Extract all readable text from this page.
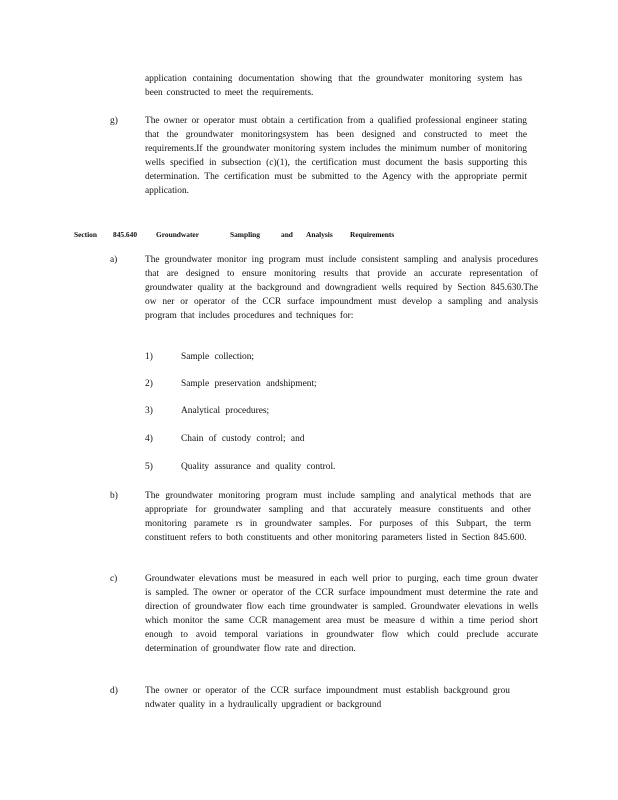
application containing documentation showing that the groundwater monitoring system has been constructed to meet the requirements.

g)	The owner or operator must obtain a certification from a qualified professional engineer stating that the groundwater monitoringsystem has been designed and constructed to meet the requirements.If the groundwater monitoring system includes the minimum number of monitoring wells specified in subsection (c)(1), the certification must document the basis supporting this determination. The certification must be submitted to the Agency with the appropriate permit application.

Section 845.640	Groundwater	Sampling	and Analysis Requirements
a)	The groundwater monitor ing program must include consistent sampling and analysis procedures that are designed to ensure monitoring results that provide an accurate representation of groundwater quality at the background and downgradient wells required by Section 845.630.The ow ner or operator of the CCR surface impoundment must develop a sampling and analysis program that includes procedures and techniques for:

1)	Sample collection;
2)	Sample preservation andshipment;
3)	Analytical procedures;
4)	Chain of custody control; and
5)	Quality assurance and quality control.
b)	The groundwater monitoring program must include sampling and analytical methods that are appropriate for groundwater sampling and that accurately measure constituents and other monitoring paramete rs in groundwater samples. For purposes of this Subpart, the term constituent refers to both constituents and other monitoring parameters listed in Section 845.600.

c)	Groundwater elevations must be measured in each well prior to purging, each time groun dwater is sampled. The owner or operator of the CCR surface impoundment must determine the rate and direction of groundwater flow each time groundwater is sampled. Groundwater elevations in wells which monitor the same CCR management area must be measure d within a time period short enough to avoid temporal variations in groundwater flow which could preclude accurate determination of groundwater flow rate and direction.

d)	The owner or operator of the CCR surface impoundment must establish background grou ndwater quality in a hydraulically upgradient or background
